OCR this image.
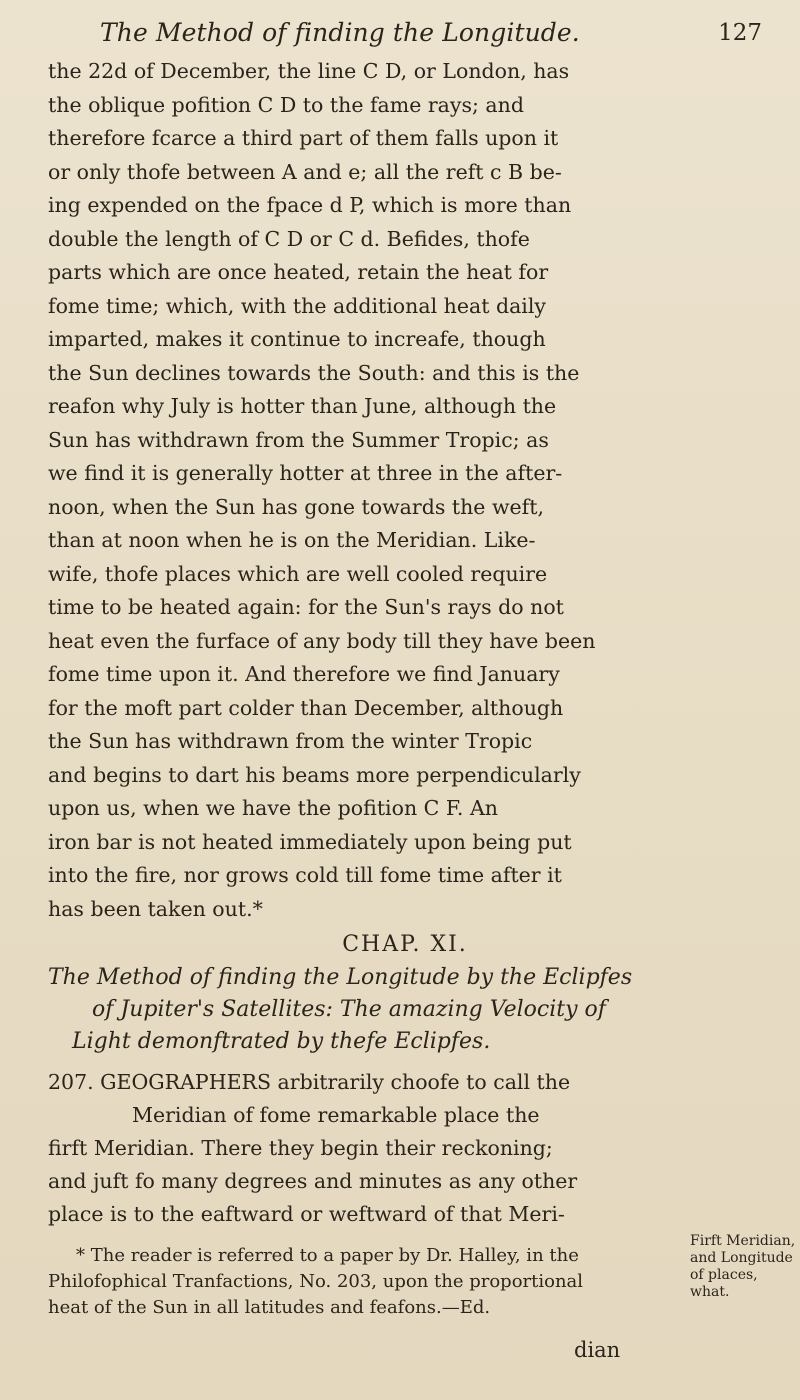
The Method of finding the Longitude.	127
the 22d of December, the line C D, or London, has
the oblique pofition C D to the fame rays; and
therefore fcarce a third part of them falls upon it
or only thofe between A and e; all the reft c B be-
ing expended on the fpace d P, which is more than
double the length of C D or C d. Befides, thofe
parts which are once heated, retain the heat for
fome time; which, with the additional heat daily
imparted, makes it continue to increafe, though
the Sun declines towards the South: and this is the
reafon why July is hotter than June, although the
Sun has withdrawn from the Summer Tropic; as
we find it is generally hotter at three in the after-
noon, when the Sun has gone towards the weft,
than at noon when he is on the Meridian. Like-
wife, thofe places which are well cooled require
time to be heated again: for the Sun's rays do not
heat even the furface of any body till they have been
fome time upon it. And therefore we find January
for the moft part colder than December, although
the Sun has withdrawn from the winter Tropic
and begins to dart his beams more perpendicularly
upon us, when we have the pofition C F. An
iron bar is not heated immediately upon being put
into the fire, nor grows cold till fome time after it
has been taken out.*
CHAP. XI.
The Method of finding the Longitude by the Eclipfes
of Jupiter's Satellites: The amazing Velocity of
Light demonftrated by thefe Eclipfes.
207. GEOGRAPHERS arbitrarily choofe to call the
Meridian of fome remarkable place the
firft Meridian. There they begin their reckoning;
and juft fo many degrees and minutes as any other
place is to the eaftward or weftward of that Meri-
* The reader is referred to a paper by Dr. Halley, in the
Philofophical Tranfactions, No. 203, upon the proportional
heat of the Sun in all latitudes and feafons.—Ed.
Firft Meridian, and Longitude of places, what.
dian
